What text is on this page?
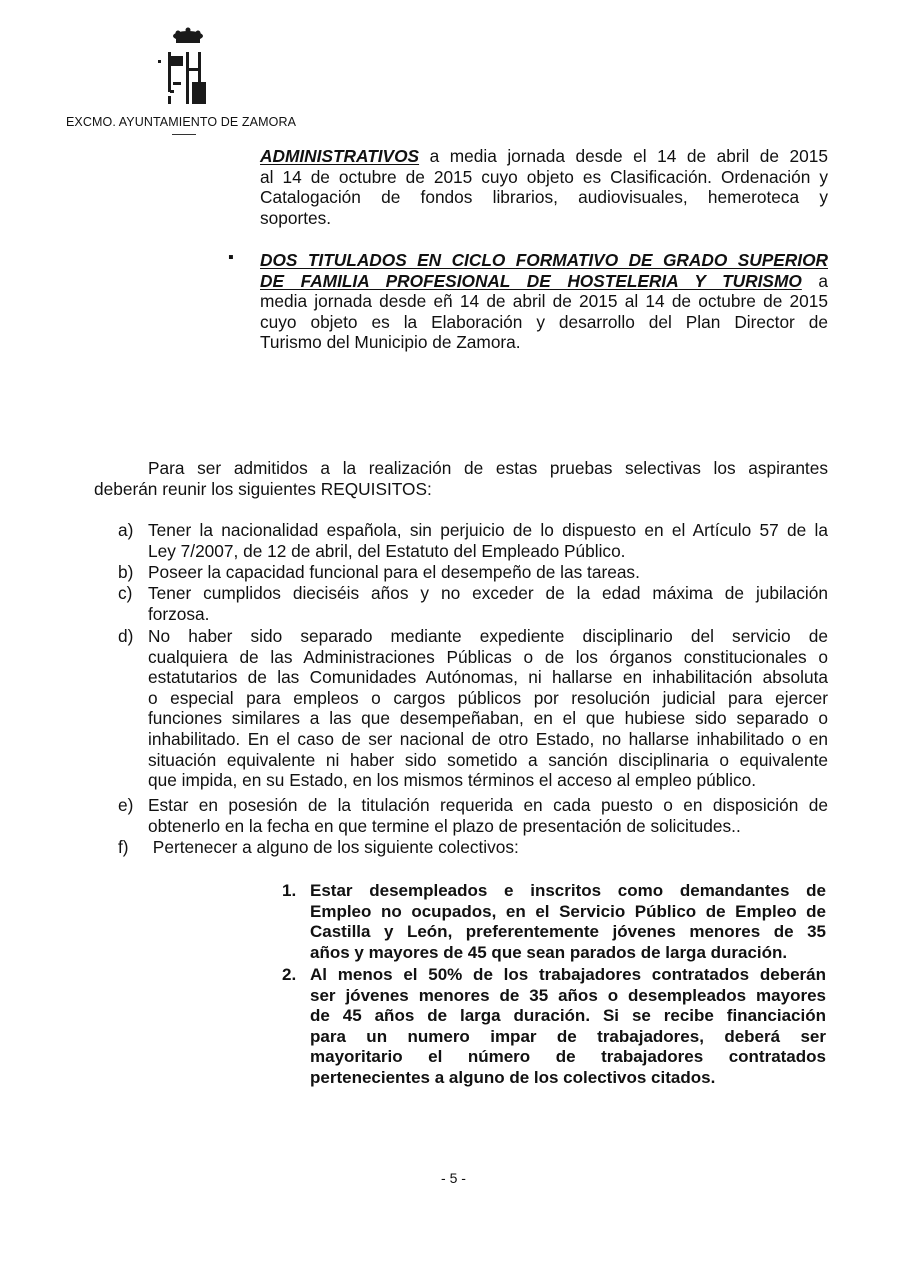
EXCMO. AYUNTAMIENTO DE ZAMORA
ADMINISTRATIVOS a media jornada desde el 14 de abril de 2015
al 14 de octubre de 2015 cuyo objeto es Clasificación. Ordenación y
Catalogación de fondos librarios, audiovisuales, hemeroteca y
soportes.
▪ DOS TITULADOS EN CICLO FORMATIVO DE GRADO SUPERIOR
DE FAMILIA PROFESIONAL DE HOSTELERIA Y TURISMO a
media jornada desde eñ 14 de abril de 2015 al 14 de octubre de 2015
cuyo objeto es la Elaboración y desarrollo del Plan Director de
Turismo del Municipio de Zamora.
Para ser admitidos a la realización de estas pruebas selectivas los aspirantes
deberán reunir los siguientes REQUISITOS:
a) Tener la nacionalidad española, sin perjuicio de lo dispuesto en el Artículo 57 de la
Ley 7/2007, de 12 de abril, del Estatuto del Empleado Público.
b) Poseer la capacidad funcional para el desempeño de las tareas.
c) Tener cumplidos dieciséis años y no exceder de la edad máxima de jubilación
forzosa.
d) No haber sido separado mediante expediente disciplinario del servicio de
cualquiera de las Administraciones Públicas o de los órganos constitucionales o
estatutarios de las Comunidades Autónomas, ni hallarse en inhabilitación absoluta
o especial para empleos o cargos públicos por resolución judicial para ejercer
funciones similares a las que desempeñaban, en el que hubiese sido separado o
inhabilitado. En el caso de ser nacional de otro Estado, no hallarse inhabilitado o en
situación equivalente ni haber sido sometido a sanción disciplinaria o equivalente
que impida, en su Estado, en los mismos términos el acceso al empleo público.
e) Estar en posesión de la titulación requerida en cada puesto o en disposición de
obtenerlo en la fecha en que termine el plazo de presentación de solicitudes..
f)	Pertenecer a alguno de los siguiente colectivos:
1. Estar desempleados e inscritos como demandantes de
Empleo no ocupados, en el Servicio Público de Empleo de
Castilla y León, preferentemente jóvenes menores de 35
años y mayores de 45 que sean parados de larga duración.
2. Al menos el 50% de los trabajadores contratados deberán
ser jóvenes menores de 35 años o desempleados mayores
de 45 años de larga duración. Si se recibe financiación
para un numero impar de trabajadores, deberá ser
mayoritario el número de trabajadores contratados
pertenecientes a alguno de los colectivos citados.
- 5 -
